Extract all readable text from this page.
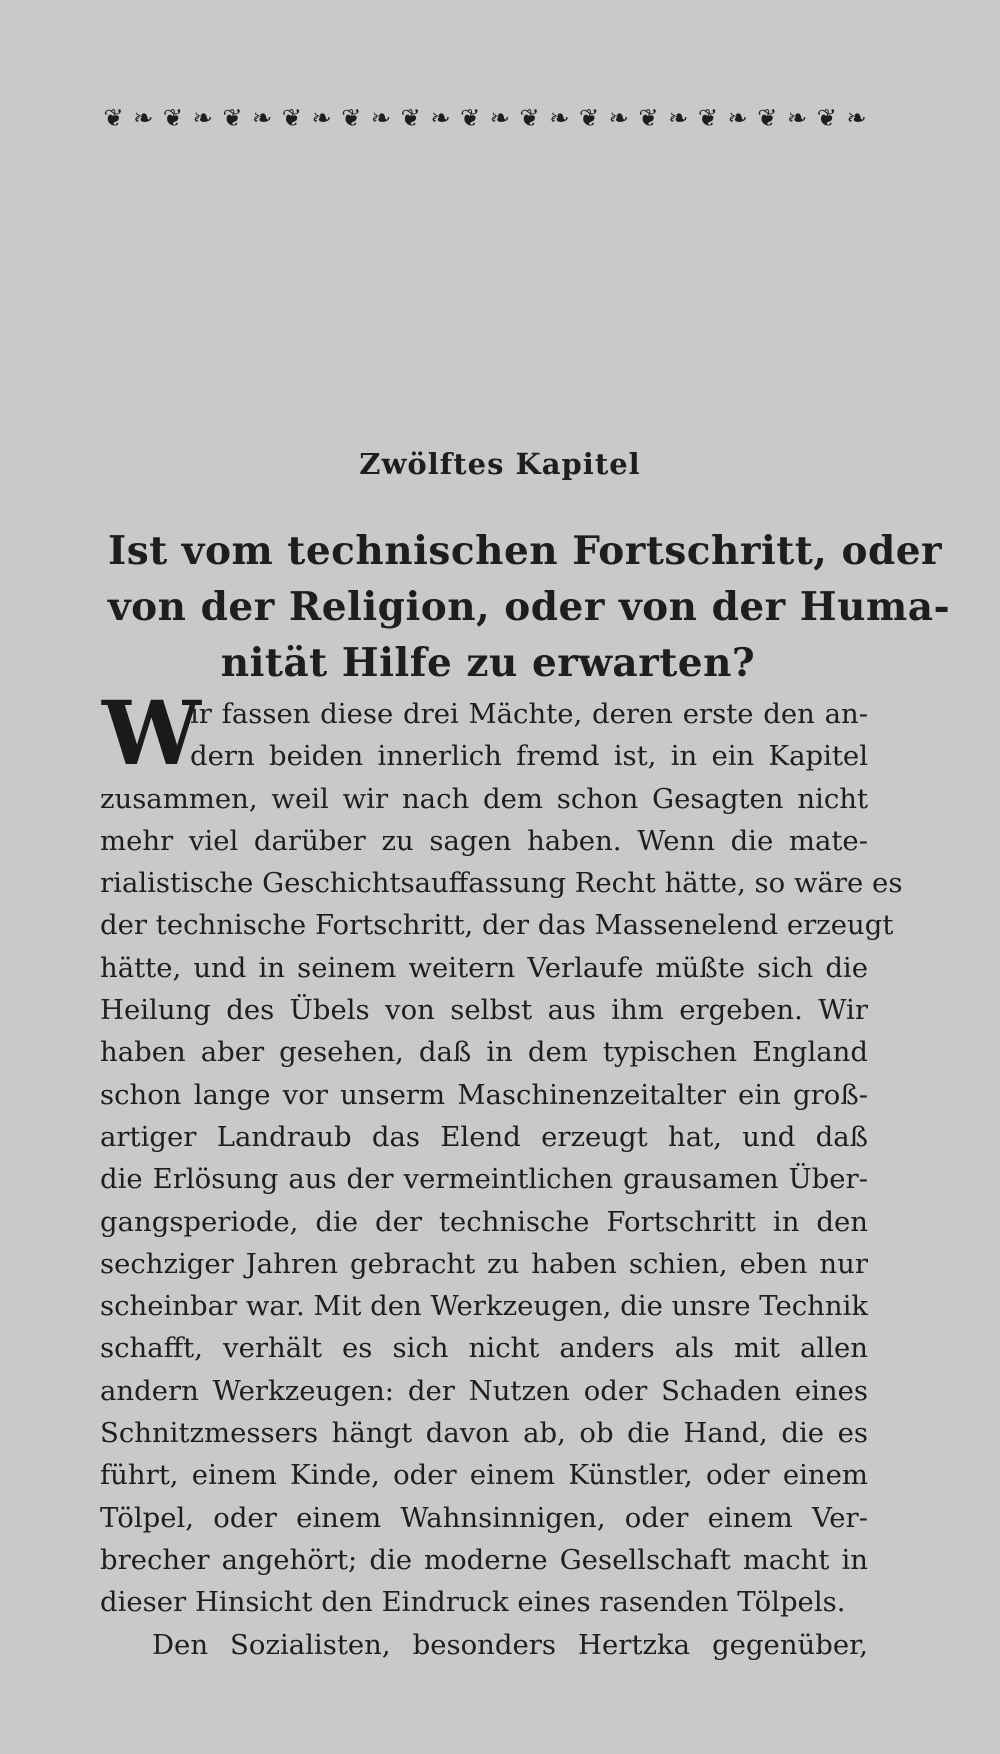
❦ ❧ ❦ ❧ ❦ ❧ ❦ ❧ ❦ ❧ ❦ ❧ ❦ ❧ ❦ ❧ ❦ ❧ ❦ ❧ ❦ ❧ ❦ ❧ ❦ ❧
Zwölftes Kapitel
Ist vom technischen Fortschritt, oder
von der Religion, oder von der Huma-
nität Hilfe zu erwarten?
W
ir fassen diese drei Mächte, deren erste den an-
dern beiden innerlich fremd ist, in ein Kapitel
zusammen, weil wir nach dem schon Gesagten nicht
mehr viel darüber zu sagen haben. Wenn die mate-
rialistische Geschichtsauffassung Recht hätte, so wäre es
der technische Fortschritt, der das Massenelend erzeugt
hätte, und in seinem weitern Verlaufe müßte sich die
Heilung des Übels von selbst aus ihm ergeben. Wir
haben aber gesehen, daß in dem typischen England
schon lange vor unserm Maschinenzeitalter ein groß-
artiger Landraub das Elend erzeugt hat, und daß
die Erlösung aus der vermeintlichen grausamen Über-
gangsperiode, die der technische Fortschritt in den
sechziger Jahren gebracht zu haben schien, eben nur
scheinbar war. Mit den Werkzeugen, die unsre Technik
schafft, verhält es sich nicht anders als mit allen
andern Werkzeugen: der Nutzen oder Schaden eines
Schnitzmessers hängt davon ab, ob die Hand, die es
führt, einem Kinde, oder einem Künstler, oder einem
Tölpel, oder einem Wahnsinnigen, oder einem Ver-
brecher angehört; die moderne Gesellschaft macht in
dieser Hinsicht den Eindruck eines rasenden Tölpels.
Den Sozialisten, besonders Hertzka gegenüber,
